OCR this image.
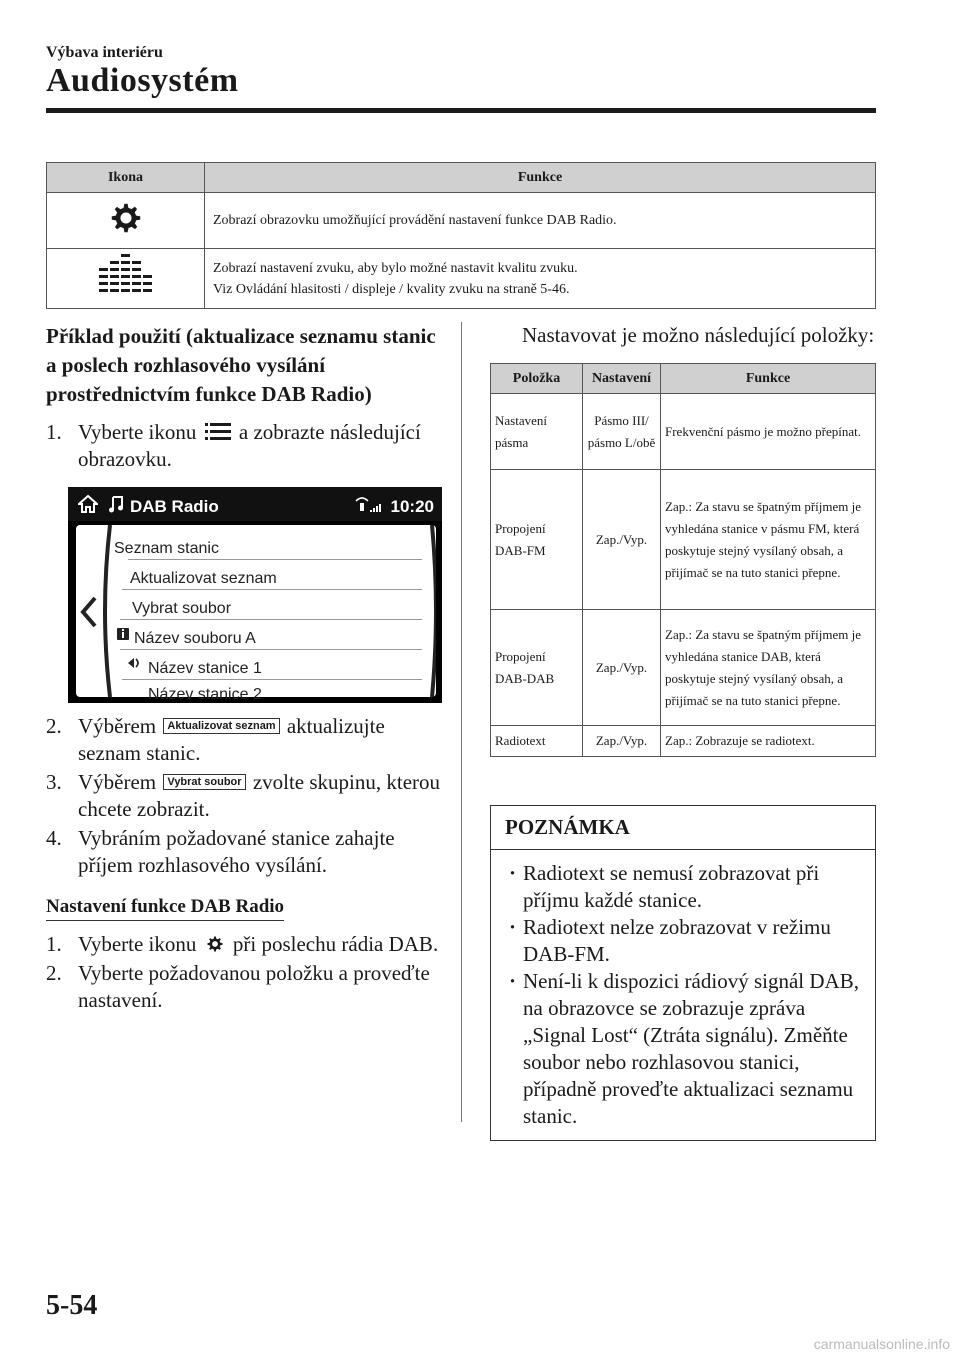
Výbava interiéru
Audiosystém
Ikona	Funkce
	Zobrazí obrazovku umožňující provádění nastavení funkce DAB Radio.

Zobrazí nastavení zvuku, aby bylo možné nastavit kvalitu zvuku.
Viz Ovládání hlasitosti / displeje / kvality zvuku na straně 5-46.
Příklad použití (aktualizace seznamu stanic a poslech rozhlasového vysílání prostřednictvím funkce DAB Radio)
1. Vyberte ikonu a zobrazte následující obrazovku.
DAB Radio	10:20
Seznam stanic
Aktualizovat seznam
Vybrat soubor
Název souboru A
Název stanice 1
Název stanice 2
2. Výběrem Aktualizovat seznam aktualizujte seznam stanic.
3. Výběrem Vybrat soubor zvolte skupinu, kterou chcete zobrazit.
4. Vybráním požadované stanice zahajte příjem rozhlasového vysílání.
Nastavení funkce DAB Radio
1. Vyberte ikonu při poslechu rádia DAB.
2. Vyberte požadovanou položku a proveďte nastavení.
Nastavovat je možno následující položky:
Položka	Nastavení	Funkce
Nastavení pásma	Pásmo III/ pásmo L/obě	Frekvenční pásmo je možno přepínat.
Propojení DAB-FM	Zap./Vyp.	Zap.: Za stavu se špatným příjmem je vyhledána stanice v pásmu FM, která poskytuje stejný vysílaný obsah, a přijímač se na tuto stanici přepne.
Propojení DAB-DAB	Zap./Vyp.	Zap.: Za stavu se špatným příjmem je vyhledána stanice DAB, která poskytuje stejný vysílaný obsah, a přijímač se na tuto stanici přepne.
Radiotext	Zap./Vyp.	Zap.: Zobrazuje se radiotext.
POZNÁMKA
· Radiotext se nemusí zobrazovat při příjmu každé stanice.
· Radiotext nelze zobrazovat v režimu DAB-FM.
· Není-li k dispozici rádiový signál DAB, na obrazovce se zobrazuje zpráva „Signal Lost“ (Ztráta signálu). Změňte soubor nebo rozhlasovou stanici, případně proveďte aktualizaci seznamu stanic.
5-54
carmanualsonline.info
